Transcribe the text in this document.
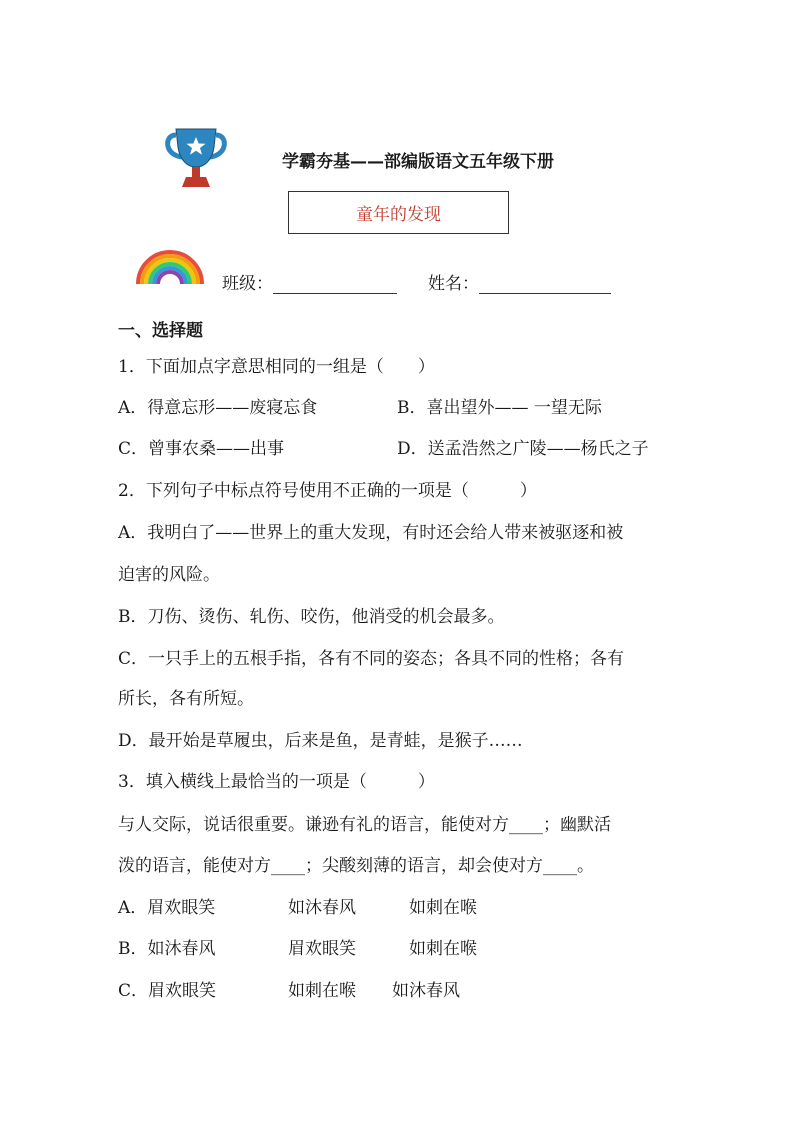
学霸夯基——部编版语文五年级下册
童年的发现
班级：	姓名：
一、选择题
1．下面加点字意思相同的一组是（　　）
A．得意忘形——废寝忘食	B．喜出望外—— 一望无际
C．曾事农桑——出事	D．送孟浩然之广陵——杨氏之子
2．下列句子中标点符号使用不正确的一项是（　　　）
A．我明白了——世界上的重大发现，有时还会给人带来被驱逐和被
迫害的风险。
B．刀伤、烫伤、轧伤、咬伤，他消受的机会最多。
C．一只手上的五根手指，各有不同的姿态；各具不同的性格；各有
所长，各有所短。
D．最开始是草履虫，后来是鱼，是青蛙，是猴子……
3．填入横线上最恰当的一项是（　　　）
与人交际，说话很重要。谦逊有礼的语言，能使对方____；幽默活
泼的语言，能使对方____；尖酸刻薄的语言，却会使对方____。
A．眉欢眼笑	如沐春风	如刺在喉
B．如沐春风	眉欢眼笑	如刺在喉
C．眉欢眼笑	如刺在喉 如沐春风
